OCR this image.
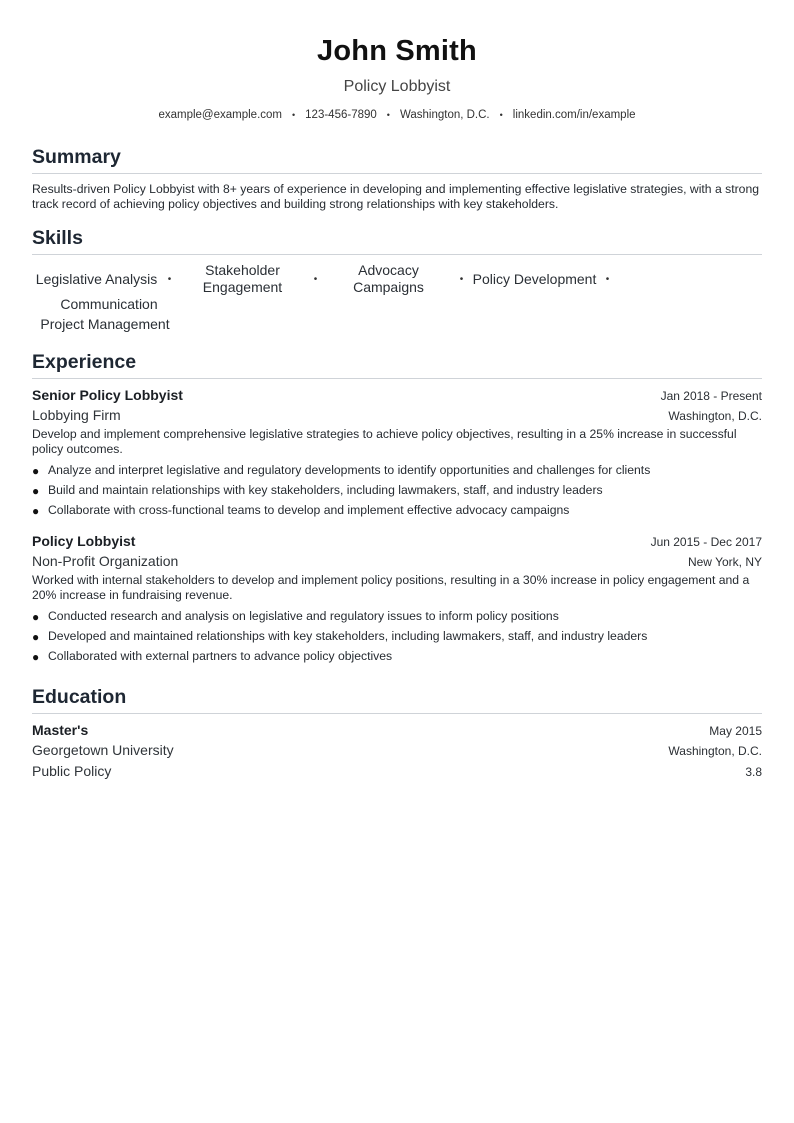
John Smith
Policy Lobbyist
example@example.com • 123-456-7890 • Washington, D.C. • linkedin.com/in/example
Summary
Results-driven Policy Lobbyist with 8+ years of experience in developing and implementing effective legislative strategies, with a strong track record of achieving policy objectives and building strong relationships with key stakeholders.
Skills
Legislative Analysis	•
Stakeholder Engagement	•
Advocacy Campaigns	• Policy Development •
Communication
Project Management
Experience
Senior Policy Lobbyist	Jan 2018 - Present
Lobbying Firm	Washington, D.C.
Develop and implement comprehensive legislative strategies to achieve policy objectives, resulting in a 25% increase in successful policy outcomes.
● Analyze and interpret legislative and regulatory developments to identify opportunities and challenges for clients
● Build and maintain relationships with key stakeholders, including lawmakers, staff, and industry leaders
● Collaborate with cross-functional teams to develop and implement effective advocacy campaigns
Policy Lobbyist	Jun 2015 - Dec 2017
Non-Profit Organization	New York, NY
Worked with internal stakeholders to develop and implement policy positions, resulting in a 30% increase in policy engagement and a 20% increase in fundraising revenue.
● Conducted research and analysis on legislative and regulatory issues to inform policy positions
● Developed and maintained relationships with key stakeholders, including lawmakers, staff, and industry leaders
● Collaborated with external partners to advance policy objectives
Education
Master's	May 2015
Georgetown University	Washington, D.C.
Public Policy	3.8
